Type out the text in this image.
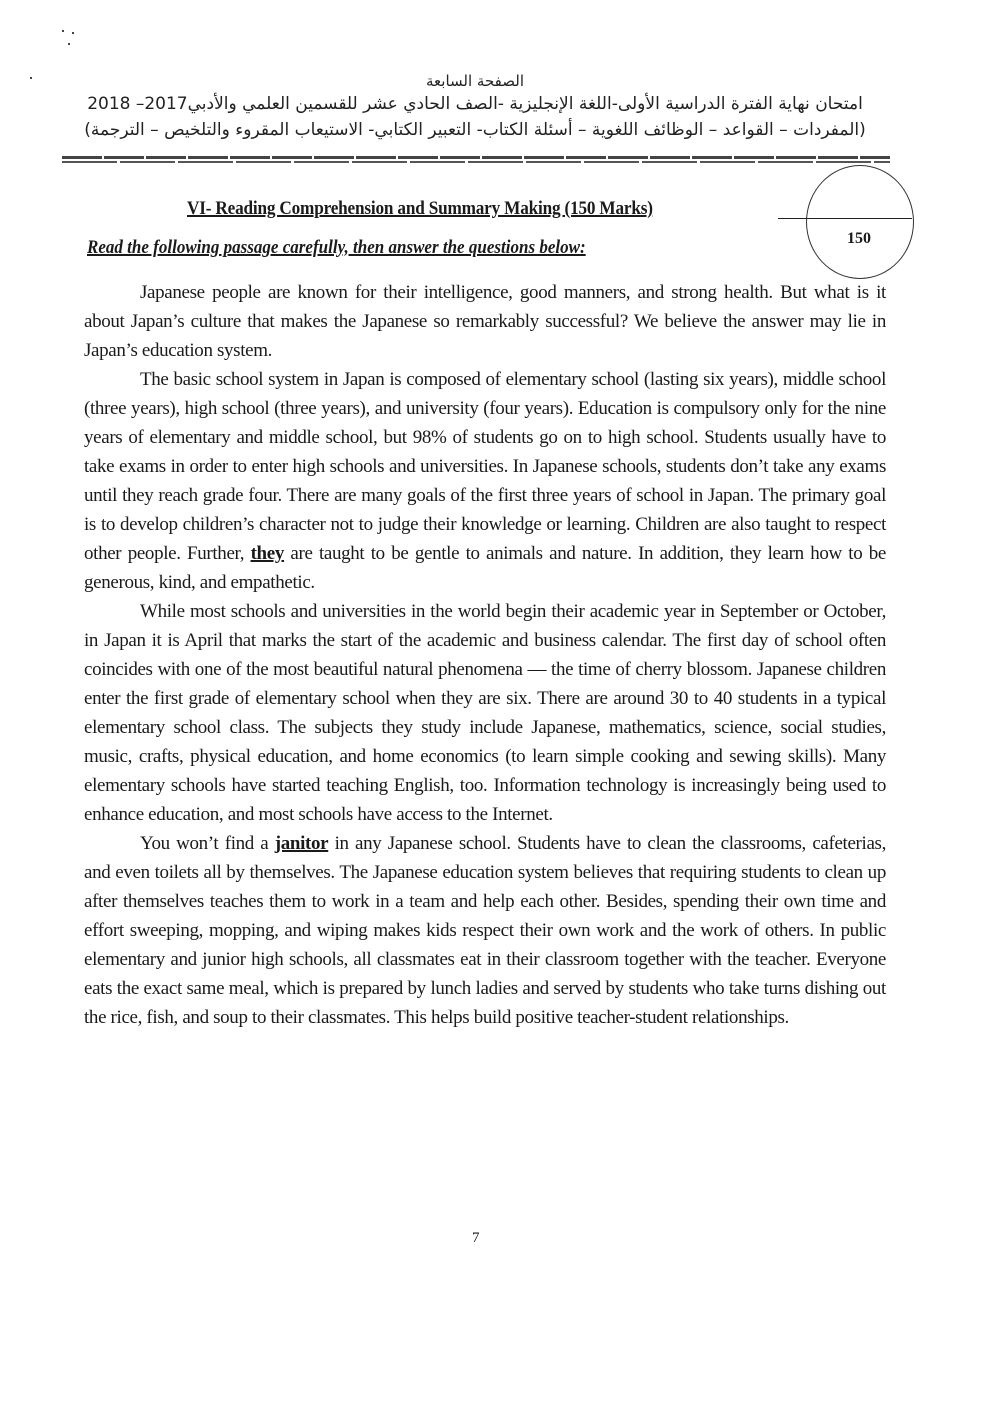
الصفحة السابعة
امتحان نهاية الفترة الدراسية الأولى-اللغة الإنجليزية -الصف الحادي عشر للقسمين العلمي والأدبي2017– 2018
(المفردات – القواعد – الوظائف اللغوية – أسئلة الكتاب- التعبير الكتابي- الاستيعاب المقروء والتلخيص – الترجمة)
VI- Reading Comprehension and Summary Making (150 Marks)
Read the following passage carefully, then answer the questions below:	150

Japanese people are known for their intelligence, good manners, and strong health. But what is it about Japan’s culture that makes the Japanese so remarkably successful? We believe the answer may lie in Japan’s education system.

The basic school system in Japan is composed of elementary school (lasting six years), middle school (three years), high school (three years), and university (four years). Education is compulsory only for the nine years of elementary and middle school, but 98% of students go on to high school. Students usually have to take exams in order to enter high schools and universities. In Japanese schools, students don’t take any exams until they reach grade four. There are many goals of the first three years of school in Japan. The primary goal is to develop children’s character not to judge their knowledge or learning. Children are also taught to respect other people. Further, they are taught to be gentle to animals and nature. In addition, they learn how to be generous, kind, and empathetic.

While most schools and universities in the world begin their academic year in September or October, in Japan it is April that marks the start of the academic and business calendar. The first day of school often coincides with one of the most beautiful natural phenomena — the time of cherry blossom. Japanese children enter the first grade of elementary school when they are six. There are around 30 to 40 students in a typical elementary school class. The subjects they study include Japanese, mathematics, science, social studies, music, crafts, physical education, and home economics (to learn simple cooking and sewing skills). Many elementary schools have started teaching English, too. Information technology is increasingly being used to enhance education, and most schools have access to the Internet.

You won’t find a janitor in any Japanese school. Students have to clean the classrooms, cafeterias, and even toilets all by themselves. The Japanese education system believes that requiring students to clean up after themselves teaches them to work in a team and help each other. Besides, spending their own time and effort sweeping, mopping, and wiping makes kids respect their own work and the work of others. In public elementary and junior high schools, all classmates eat in their classroom together with the teacher. Everyone eats the exact same meal, which is prepared by lunch ladies and served by students who take turns dishing out the rice, fish, and soup to their classmates. This helps build positive teacher-student relationships.

7
